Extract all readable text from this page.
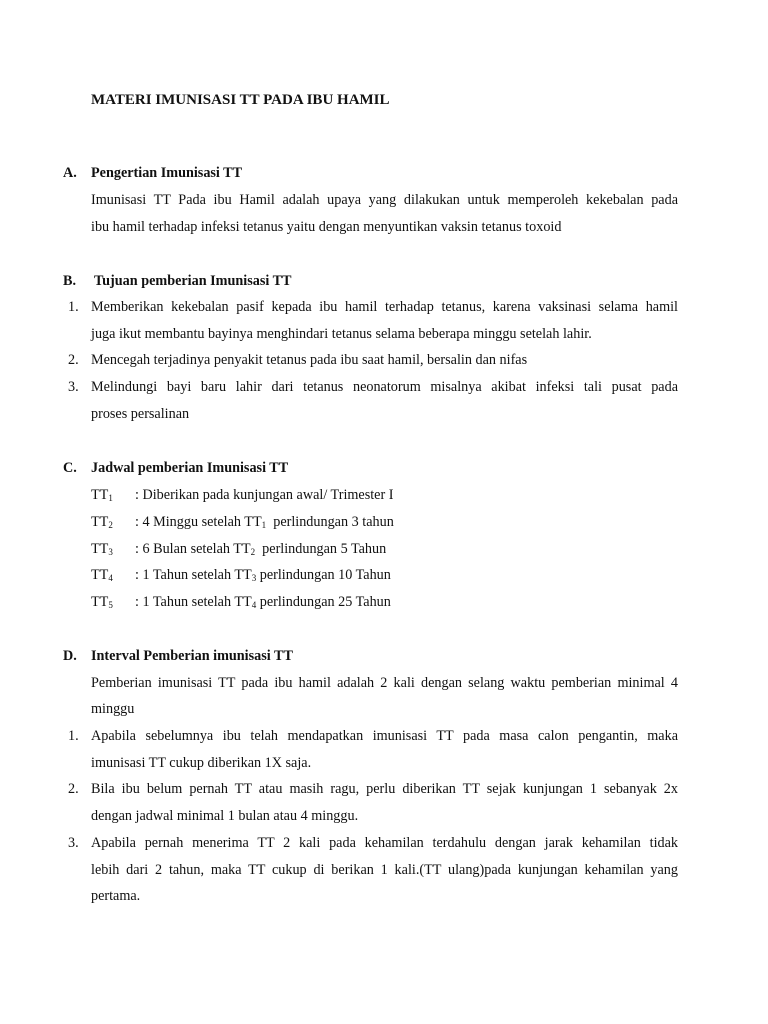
MATERI IMUNISASI TT PADA IBU HAMIL
A. Pengertian Imunisasi TT
Imunisasi TT Pada ibu Hamil adalah upaya yang dilakukan untuk memperoleh kekebalan pada
ibu hamil terhadap infeksi tetanus yaitu dengan menyuntikan vaksin tetanus toxoid
B. Tujuan pemberian Imunisasi TT
1. Memberikan kekebalan pasif kepada ibu hamil terhadap tetanus, karena vaksinasi selama hamil
juga ikut membantu bayinya menghindari tetanus selama beberapa minggu setelah lahir.
2. Mencegah terjadinya penyakit tetanus pada ibu saat hamil, bersalin dan nifas
3. Melindungi bayi baru lahir dari tetanus neonatorum misalnya akibat infeksi tali pusat pada
proses persalinan
C. Jadwal pemberian Imunisasi TT
$TT_1$ : Diberikan pada kunjungan awal/ Trimester I
$TT_2$ : 4 Minggu setelah $TT_1$  perlindungan 3 tahun
$TT_3$ : 6 Bulan setelah $TT_2$  perlindungan 5 Tahun
$TT_4$ : 1 Tahun setelah $TT_3$ perlindungan 10 Tahun
$TT_5$ : 1 Tahun setelah $TT_4$ perlindungan 25 Tahun
D. Interval Pemberian imunisasi TT
Pemberian imunisasi TT pada ibu hamil adalah 2 kali dengan selang waktu pemberian minimal 4
minggu
1. Apabila sebelumnya ibu telah mendapatkan imunisasi TT pada masa calon pengantin, maka
imunisasi TT cukup diberikan 1X saja.
2. Bila ibu belum pernah TT atau masih ragu, perlu diberikan TT sejak kunjungan 1 sebanyak 2x
dengan jadwal minimal 1 bulan atau 4 minggu.
3. Apabila pernah menerima TT 2 kali pada kehamilan terdahulu dengan jarak kehamilan tidak
lebih dari 2 tahun, maka TT cukup di berikan 1 kali.(TT ulang)pada kunjungan kehamilan yang
pertama.
